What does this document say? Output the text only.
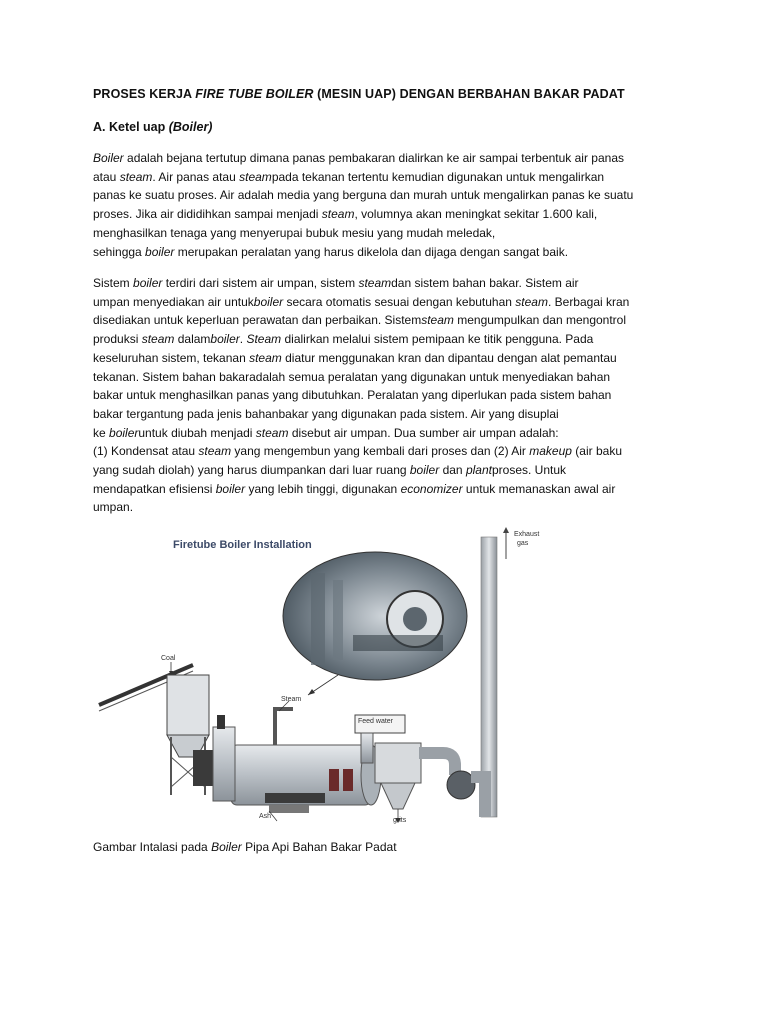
PROSES KERJA FIRE TUBE BOILER (MESIN UAP) DENGAN BERBAHAN BAKAR PADAT
A. Ketel uap (Boiler)
Boiler adalah bejana tertutup dimana panas pembakaran dialirkan ke air sampai terbentuk air panas
atau steam. Air panas atau steampada tekanan tertentu kemudian digunakan untuk mengalirkan
panas ke suatu proses. Air adalah media yang berguna dan murah untuk mengalirkan panas ke suatu
proses. Jika air dididihkan sampai menjadi steam, volumnya akan meningkat sekitar 1.600 kali,
menghasilkan tenaga yang menyerupai bubuk mesiu yang mudah meledak,
sehingga boiler merupakan peralatan yang harus dikelola dan dijaga dengan sangat baik.
Sistem boiler terdiri dari sistem air umpan, sistem steamdan sistem bahan bakar. Sistem air
umpan menyediakan air untukboiler secara otomatis sesuai dengan kebutuhan steam. Berbagai kran
disediakan untuk keperluan perawatan dan perbaikan. Sistemsteam mengumpulkan dan mengontrol
produksi steam dalamboiler. Steam dialirkan melalui sistem pemipaan ke titik pengguna. Pada
keseluruhan sistem, tekanan steam diatur menggunakan kran dan dipantau dengan alat pemantau
tekanan. Sistem bahan bakaradalah semua peralatan yang digunakan untuk menyediakan bahan
bakar untuk menghasilkan panas yang dibutuhkan. Peralatan yang diperlukan pada sistem bahan
bakar tergantung pada jenis bahanbakar yang digunakan pada sistem. Air yang disuplai
ke boileruntuk diubah menjadi steam disebut air umpan. Dua sumber air umpan adalah:
(1) Kondensat atau steam yang mengembun yang kembali dari proses dan (2) Air makeup (air baku
yang sudah diolah) yang harus diumpankan dari luar ruang boiler dan plantproses. Untuk
mendapatkan efisiensi boiler yang lebih tinggi, digunakan economizer untuk memanaskan awal air
umpan.
Firetube Boiler Installation
Coal
Steam
Feed water
Exhaust
gas
Ash
grits
Gambar Intalasi pada Boiler Pipa Api Bahan Bakar Padat
